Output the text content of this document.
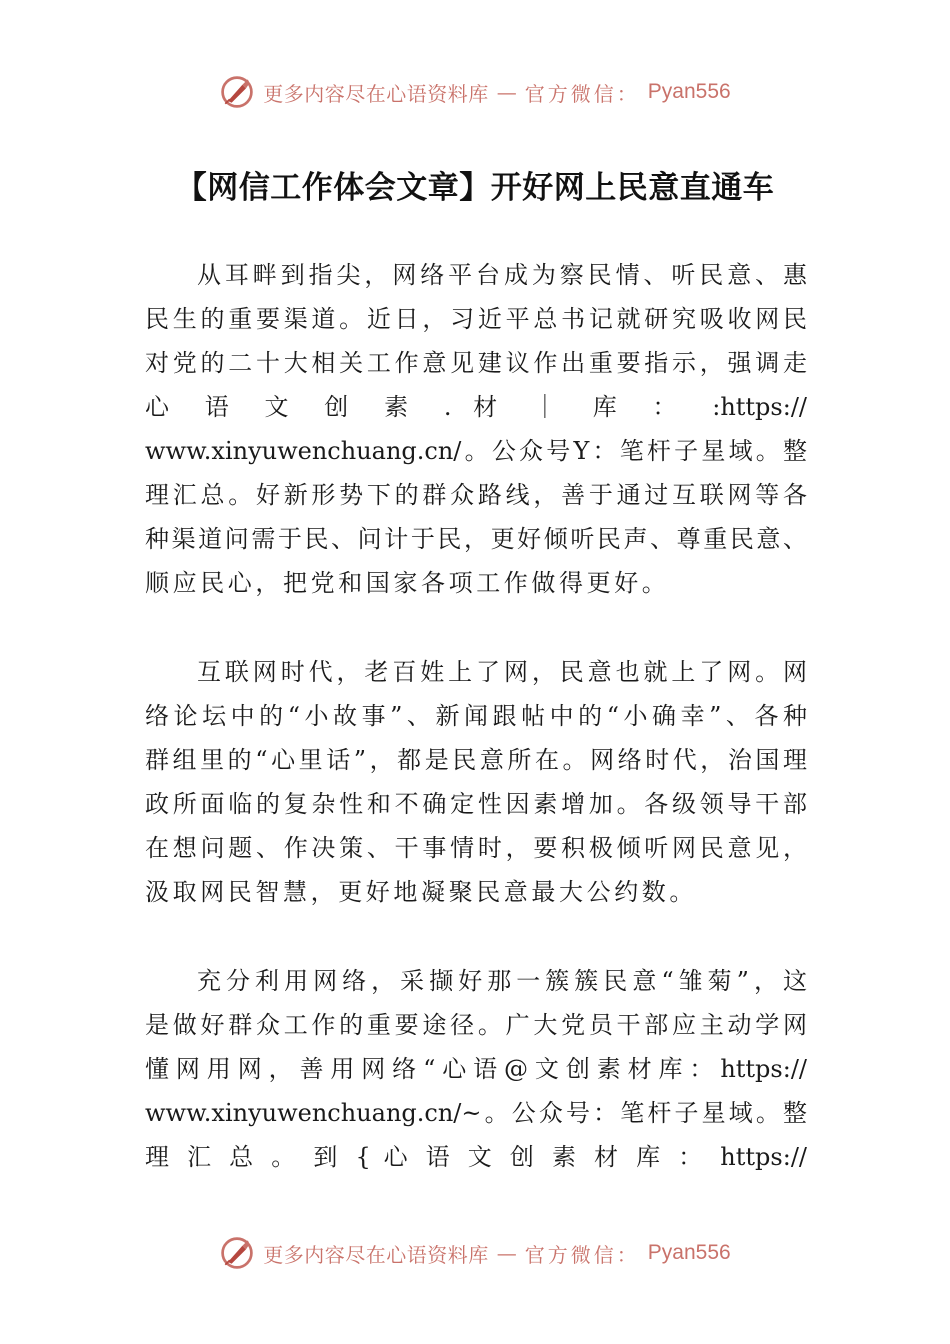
更多内容尽在心语资料库 — 官方微信： Pyan556
【网信工作体会文章】开好网上民意直通车
从耳畔到指尖，网络平台成为察民情、听民意、惠
民生的重要渠道。近日，习近平总书记就研究吸收网民
对党的二十大相关工作意见建议作出重要指示，强调走
心 语 文 创 素 . 材 ｜ 库 ： :https://
www.xinyuwenchuang.cn/。公众号Y：笔杆子星域。整
理汇总。好新形势下的群众路线，善于通过互联网等各
种渠道问需于民、问计于民，更好倾听民声、尊重民意、
顺应民心，把党和国家各项工作做得更好。
互联网时代，老百姓上了网，民意也就上了网。网
络论坛中的“小故事”、新闻跟帖中的“小确幸”、各种
群组里的“心里话”，都是民意所在。网络时代，治国理
政所面临的复杂性和不确定性因素增加。各级领导干部
在想问题、作决策、干事情时，要积极倾听网民意见，
汲取网民智慧，更好地凝聚民意最大公约数。
充分利用网络，采撷好那一簇簇民意“雏菊”，这
是做好群众工作的重要途径。广大党员干部应主动学网
懂网用网，善用网络“心语@文创素材库：https://
www.xinyuwenchuang.cn/~。公众号：笔杆子星域。整
理 汇 总 。 到 { 心 语 文 创 素 材 库 ： https://
更多内容尽在心语资料库 — 官方微信： Pyan556
